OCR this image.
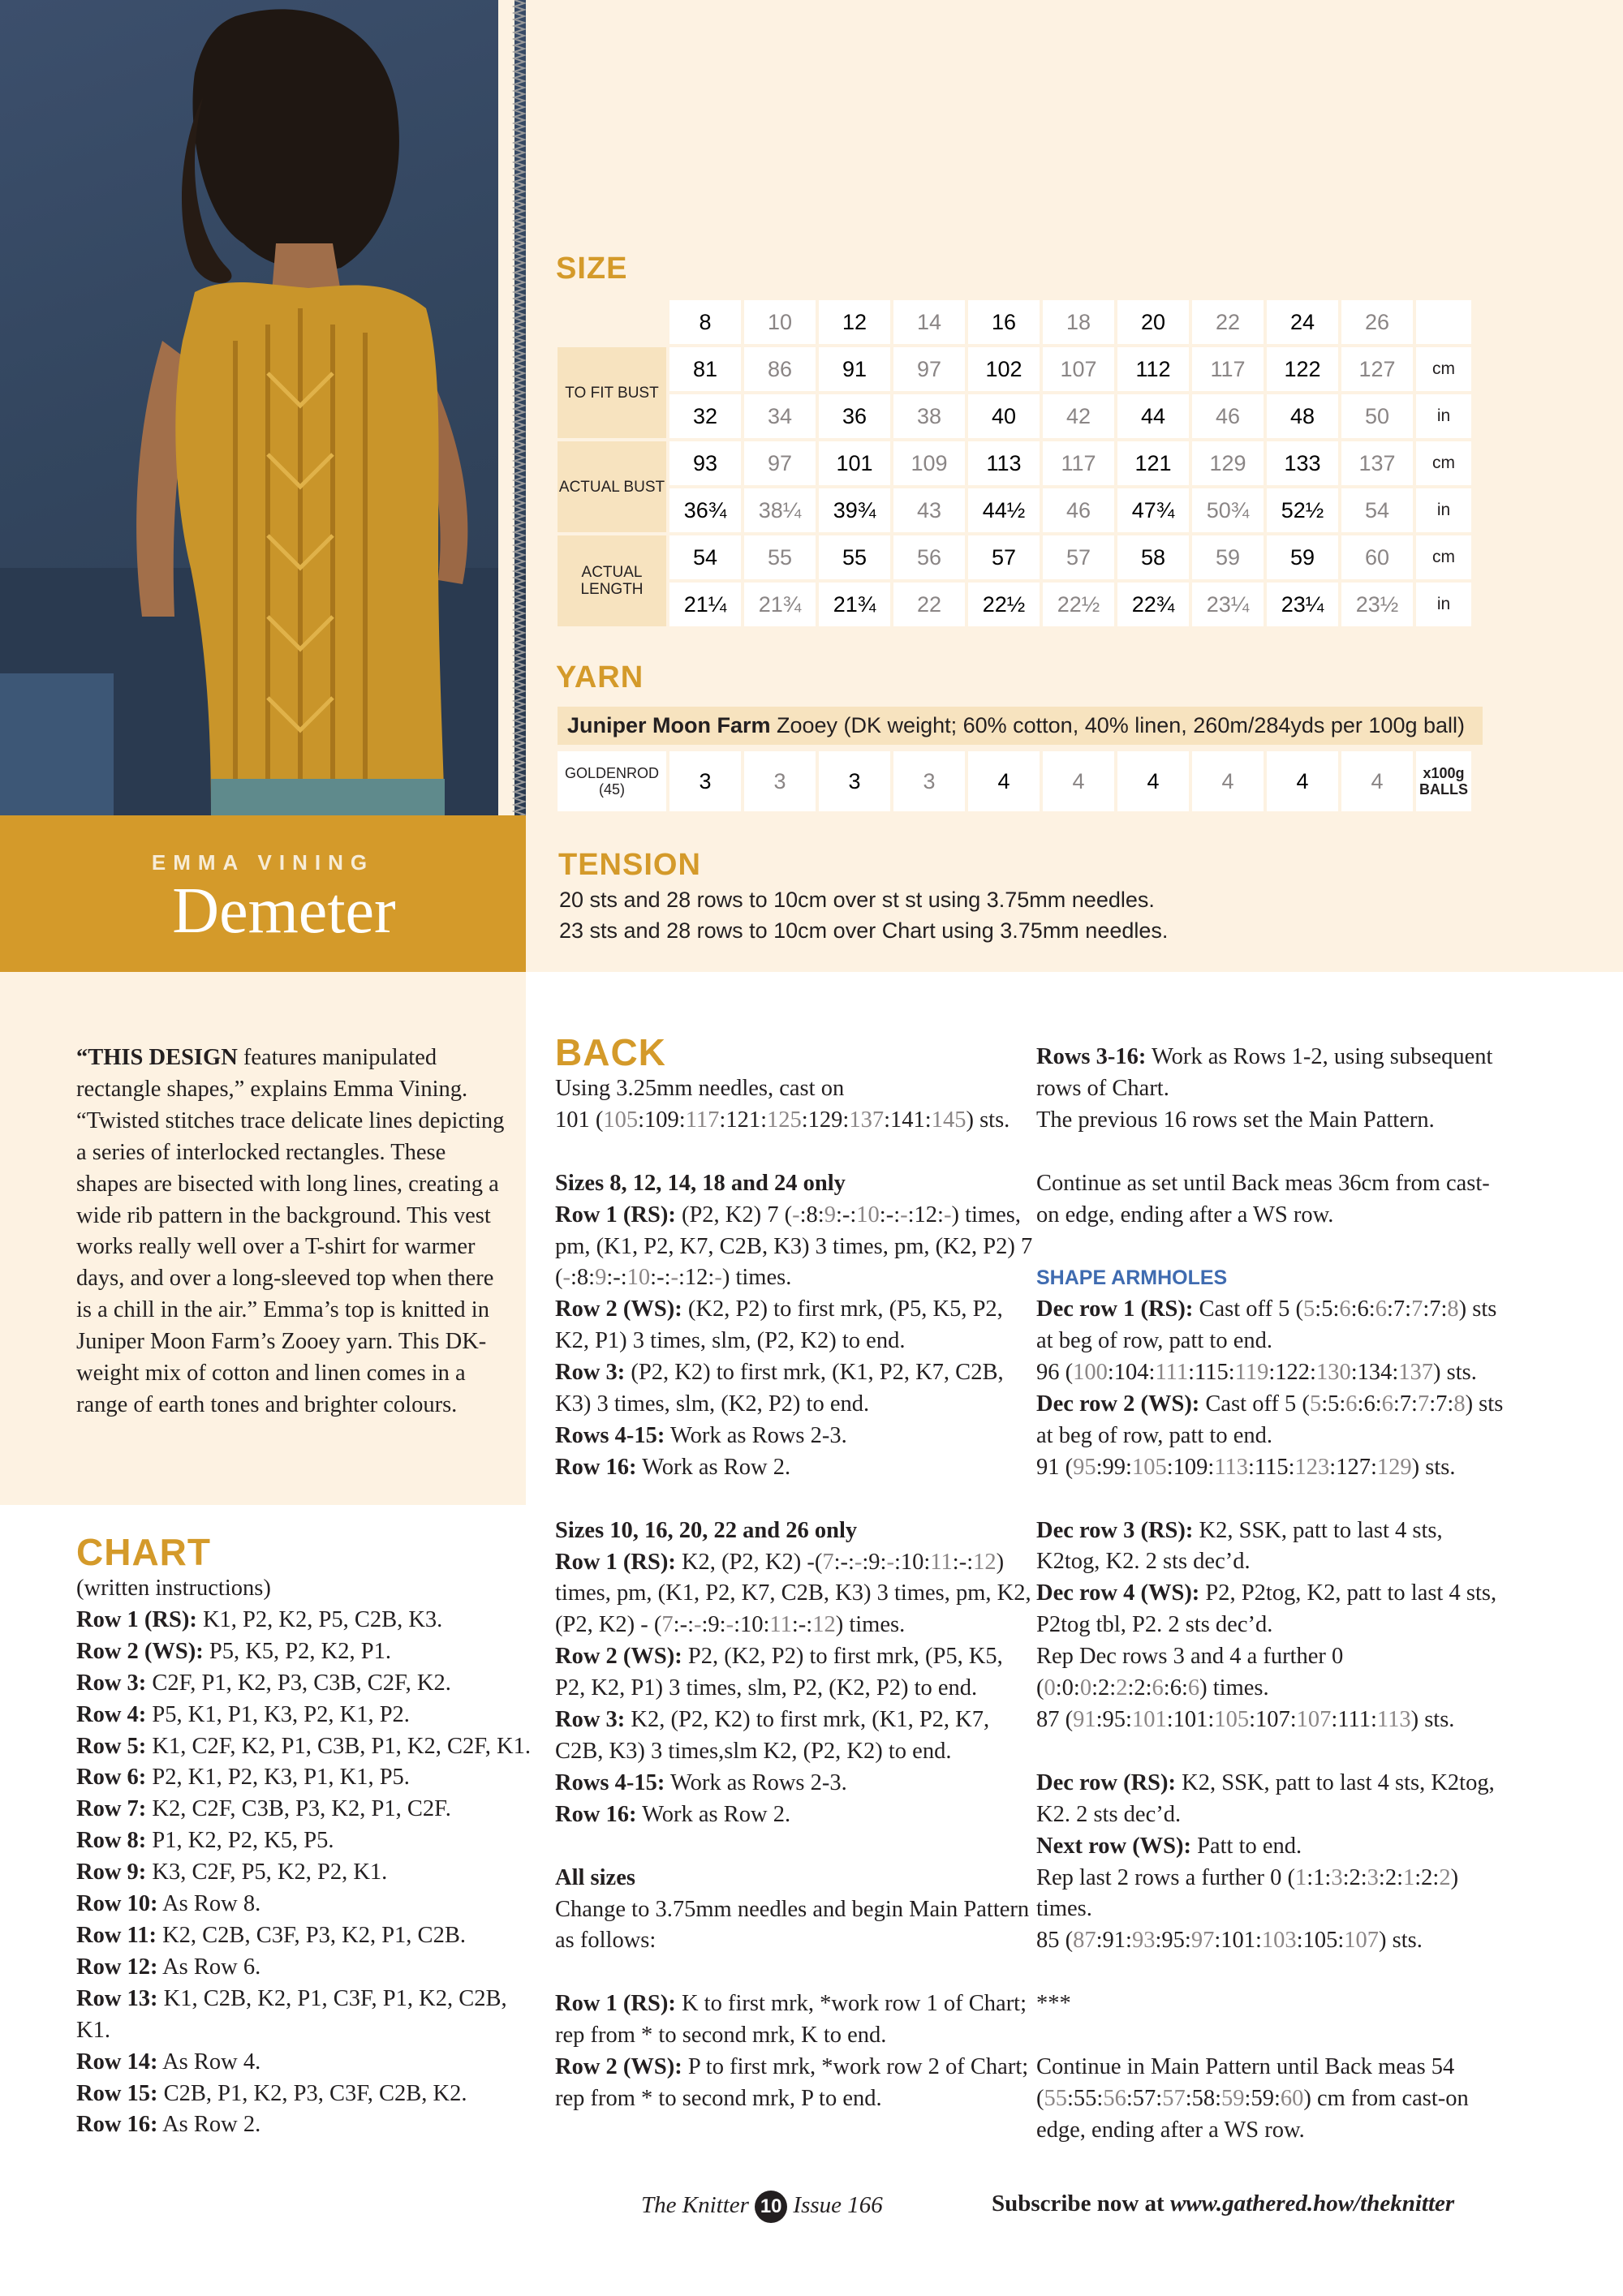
EMMA VINING
Demeter
SIZE
	8	10	12	14	16	18	20	22	24	26	
TO FIT BUST	81	86	91	97	102	107	112	117	122	127	cm
	32	34	36	38	40	42	44	46	48	50	in
ACTUAL BUST	93	97	101	109	113	117	121	129	133	137	cm
	36¾	38¼	39¾	43	44½	46	47¾	50¾	52½	54	in
ACTUAL LENGTH	54	55	55	56	57	57	58	59	59	60	cm
	21¼	21¾	21¾	22	22½	22½	22¾	23¼	23¼	23½	in
YARN
Juniper Moon Farm Zooey (DK weight; 60% cotton, 40% linen, 260m/284yds per 100g ball)
GOLDENROD (45)	3	3	3	3	4	4	4	4	4	4	x100g BALLS
TENSION
20 sts and 28 rows to 10cm over st st using 3.75mm needles.
23 sts and 28 rows to 10cm over Chart using 3.75mm needles.

“THIS DESIGN features manipulated rectangle shapes,” explains Emma Vining. “Twisted stitches trace delicate lines depicting a series of interlocked rectangles. These shapes are bisected with long lines, creating a wide rib pattern in the background. This vest works really well over a T-shirt for warmer days, and over a long-sleeved top when there is a chill in the air.” Emma’s top is knitted in Juniper Moon Farm’s Zooey yarn. This DK-weight mix of cotton and linen comes in a range of earth tones and brighter colours.

CHART

(written instructions)

Row 1 (RS): K1, P2, K2, P5, C2B, K3.

Row 2 (WS): P5, K5, P2, K2, P1.

Row 3: C2F, P1, K2, P3, C3B, C2F, K2.

Row 4: P5, K1, P1, K3, P2, K1, P2.

Row 5: K1, C2F, K2, P1, C3B, P1, K2, C2F, K1.

Row 6: P2, K1, P2, K3, P1, K1, P5.

Row 7: K2, C2F, C3B, P3, K2, P1, C2F.

Row 8: P1, K2, P2, K5, P5.

Row 9: K3, C2F, P5, K2, P2, K1.

Row 10: As Row 8.

Row 11: K2, C2B, C3F, P3, K2, P1, C2B.

Row 12: As Row 6.

Row 13: K1, C2B, K2, P1, C3F, P1, K2, C2B, K1.

Row 14: As Row 4.

Row 15: C2B, P1, K2, P3, C3F, C2B, K2.

Row 16: As Row 2.

BACK

Using 3.25mm needles, cast on

101 (105:109:117:121:125:129:137:141:145) sts.

Sizes 8, 12, 14, 18 and 24 only

Row 1 (RS): (P2, K2) 7 (-:8:9:-:10:-:-:12:-) times, pm, (K1, P2, K7, C2B, K3) 3 times, pm, (K2, P2) 7 (-:8:9:-:10:-:-:12:-) times.

Row 2 (WS): (K2, P2) to first mrk, (P5, K5, P2, K2, P1) 3 times, slm, (P2, K2) to end.

Row 3: (P2, K2) to first mrk, (K1, P2, K7, C2B, K3) 3 times, slm, (K2, P2) to end.

Rows 4-15: Work as Rows 2-3.

Row 16: Work as Row 2.

Sizes 10, 16, 20, 22 and 26 only

Row 1 (RS): K2, (P2, K2) -(7:-:-:9:-:10:11:-:12) times, pm, (K1, P2, K7, C2B, K3) 3 times, pm, K2, (P2, K2) - (7:-:-:9:-:10:11:-:12) times.

Row 2 (WS): P2, (K2, P2) to first mrk, (P5, K5, P2, K2, P1) 3 times, slm, P2, (K2, P2) to end.

Row 3: K2, (P2, K2) to first mrk, (K1, P2, K7, C2B, K3) 3 times,slm K2, (P2, K2) to end.

Rows 4-15: Work as Rows 2-3.

Row 16: Work as Row 2.

All sizes

Change to 3.75mm needles and begin Main Pattern as follows:

Row 1 (RS): K to first mrk, *work row 1 of Chart; rep from * to second mrk, K to end.

Row 2 (WS): P to first mrk, *work row 2 of Chart; rep from * to second mrk, P to end.

Rows 3-16: Work as Rows 1-2, using subsequent rows of Chart.

The previous 16 rows set the Main Pattern.

Continue as set until Back meas 36cm from cast-on edge, ending after a WS row.

SHAPE ARMHOLES

Dec row 1 (RS): Cast off 5 (5:5:6:6:6:7:7:7:8) sts at beg of row, patt to end.

96 (100:104:111:115:119:122:130:134:137) sts.

Dec row 2 (WS): Cast off 5 (5:5:6:6:6:7:7:7:8) sts at beg of row, patt to end.

91 (95:99:105:109:113:115:123:127:129) sts.

Dec row 3 (RS): K2, SSK, patt to last 4 sts, K2tog, K2. 2 sts dec’d.

Dec row 4 (WS): P2, P2tog, K2, patt to last 4 sts, P2tog tbl, P2. 2 sts dec’d.

Rep Dec rows 3 and 4 a further 0 (0:0:0:2:2:2:6:6:6) times.

87 (91:95:101:101:105:107:107:111:113) sts.

Dec row (RS): K2, SSK, patt to last 4 sts, K2tog, K2. 2 sts dec’d.

Next row (WS): Patt to end.

Rep last 2 rows a further 0 (1:1:3:2:3:2:1:2:2) times.

85 (87:91:93:95:97:101:103:105:107) sts.

***

Continue in Main Pattern until Back meas 54 (55:55:56:57:57:58:59:59:60) cm from cast-on edge, ending after a WS row.

The Knitter 10 Issue 166	Subscribe now at www.gathered.how/theknitter
